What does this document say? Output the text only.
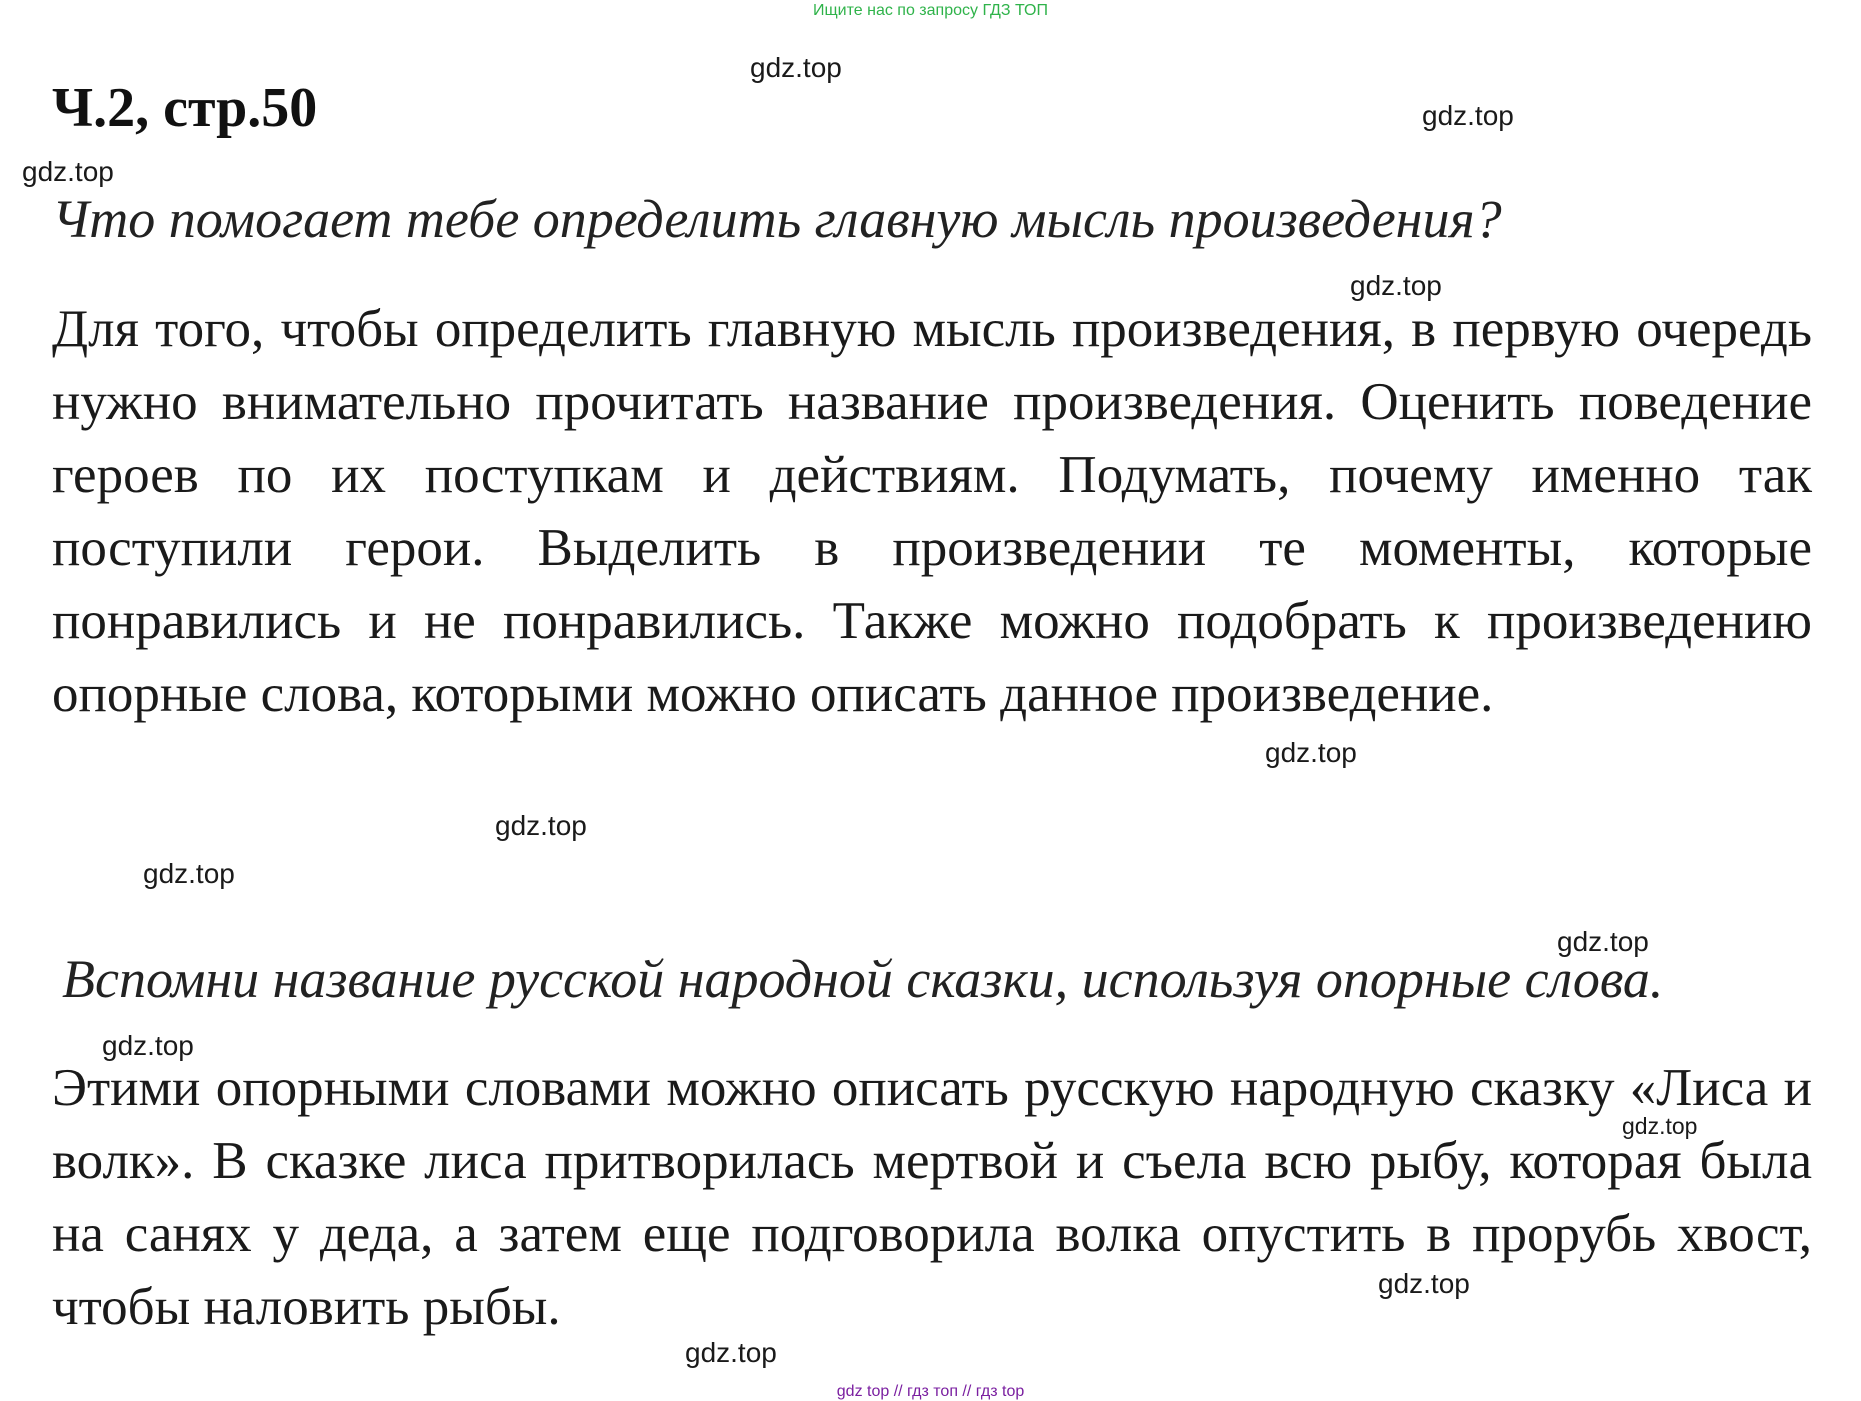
Ищите нас по запросу ГДЗ ТОП
Ч.2, стр.50

Что помогает тебе определить главную мысль произведения?

Для того, чтобы определить главную мысль произведения, в первую очередь нужно внимательно прочитать название произведения. Оценить поведение героев по их поступкам и действиям. Подумать, почему именно так поступили герои. Выделить в произведении те моменты, которые понравились и не понравились. Также можно подобрать к произведению опорные слова, которыми можно описать данное произведение.

Вспомни название русской народной сказки, используя опорные слова.

Этими опорными словами можно описать русскую народную сказку «Лиса и волк». В сказке лиса притворилась мертвой и съела всю рыбу, которая была на санях у деда, а затем еще подговорила волка опустить в прорубь хвост, чтобы наловить рыбы.

gdz.top
gdz.top
gdz.top
gdz.top
gdz.top
gdz.top
gdz.top
gdz.top
gdz.top
gdz.top
gdz.top
gdz.top
gdz top // гдз топ // гдз top
